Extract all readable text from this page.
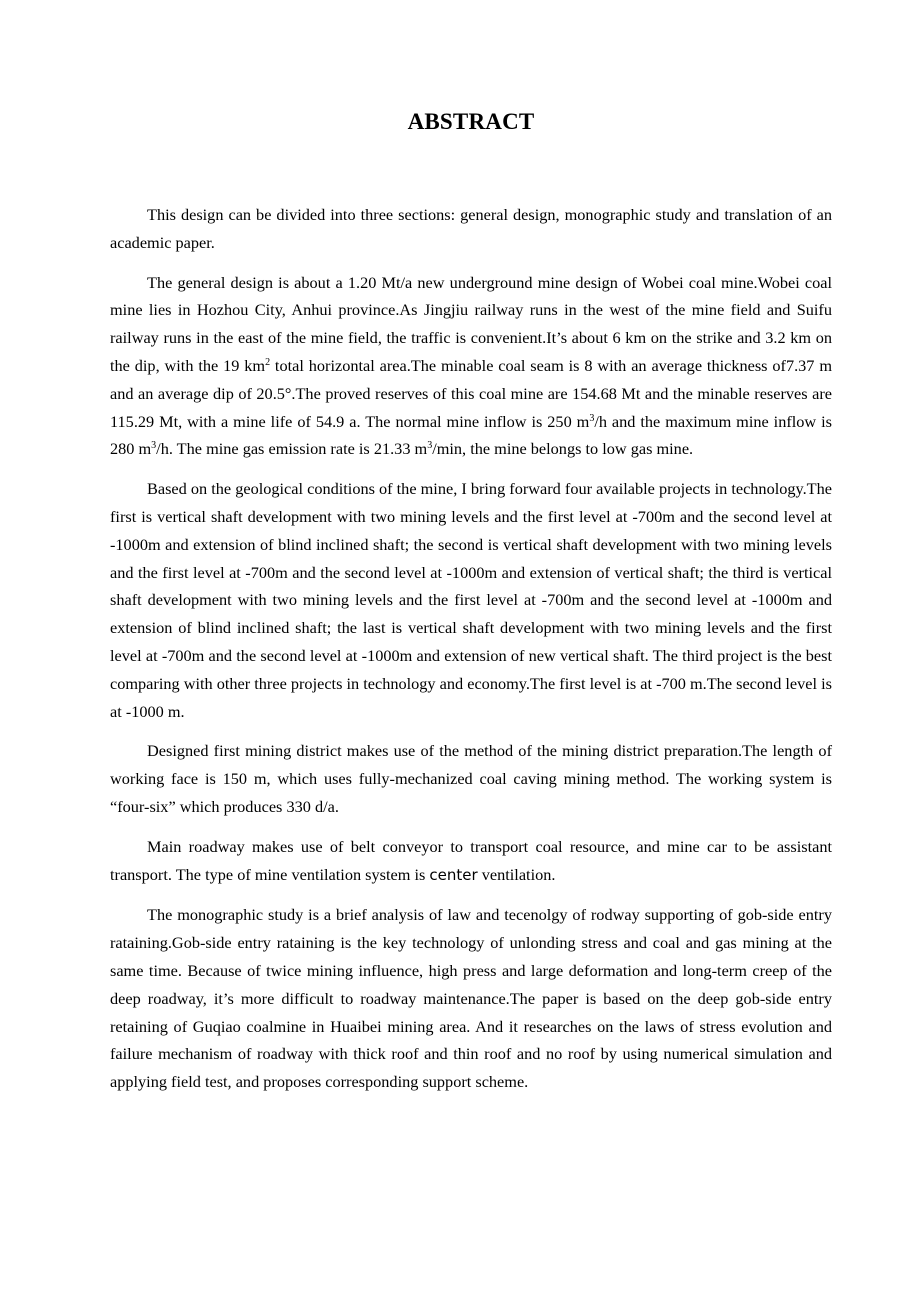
ABSTRACT

This design can be divided into three sections: general design, monographic study and translation of an academic paper.

The general design is about a 1.20 Mt/a new underground mine design of Wobei coal mine.Wobei coal mine lies in Hozhou City, Anhui province.As Jingjiu railway runs in the west of the mine field and Suifu railway runs in the east of the mine field, the traffic is convenient.It’s about 6 km on the strike and 3.2 km on the dip, with the 19 $km^2$ total horizontal area.The minable coal seam is 8 with an average thickness of7.37 m and an average dip of 20.5°.The proved reserves of this coal mine are 154.68 Mt and the minable reserves are 115.29 Mt, with a mine life of 54.9 a. The normal mine inflow is 250 $m^3/h$ and the maximum mine inflow is 280 $m^3/h$. The mine gas emission rate is 21.33 $m^3/\min$, the mine belongs to low gas mine.

Based on the geological conditions of the mine, I bring forward four available projects in technology.The first is vertical shaft development with two mining levels and the first level at -700m and the second level at -1000m and extension of blind inclined shaft; the second is vertical shaft development with two mining levels and the first level at -700m and the second level at -1000m and extension of vertical shaft; the third is vertical shaft development with two mining levels and the first level at -700m and the second level at -1000m and extension of blind inclined shaft; the last is vertical shaft development with two mining levels and the first level at -700m and the second level at -1000m and extension of new vertical shaft. The third project is the best comparing with other three projects in technology and economy.The first level is at -700 m.The second level is at -1000 m.

Designed first mining district makes use of the method of the mining district preparation.The length of working face is 150 m, which uses fully-mechanized coal caving mining method. The working system is “four-six” which produces 330 d/a.

Main roadway makes use of belt conveyor to transport coal resource, and mine car to be assistant transport. The type of mine ventilation system is center ventilation.

The monographic study is a brief analysis of law and tecenolgy of rodway supporting of gob-side entry rataining.Gob-side entry rataining is the key technology of unlonding stress and coal and gas mining at the same time. Because of twice mining influence, high press and large deformation and long-term creep of the deep roadway, it’s more difficult to roadway maintenance.The paper is based on the deep gob-side entry retaining of Guqiao coalmine in Huaibei mining area. And it researches on the laws of stress evolution and failure mechanism of roadway with thick roof and thin roof and no roof by using numerical simulation and applying field test, and proposes corresponding support scheme.
